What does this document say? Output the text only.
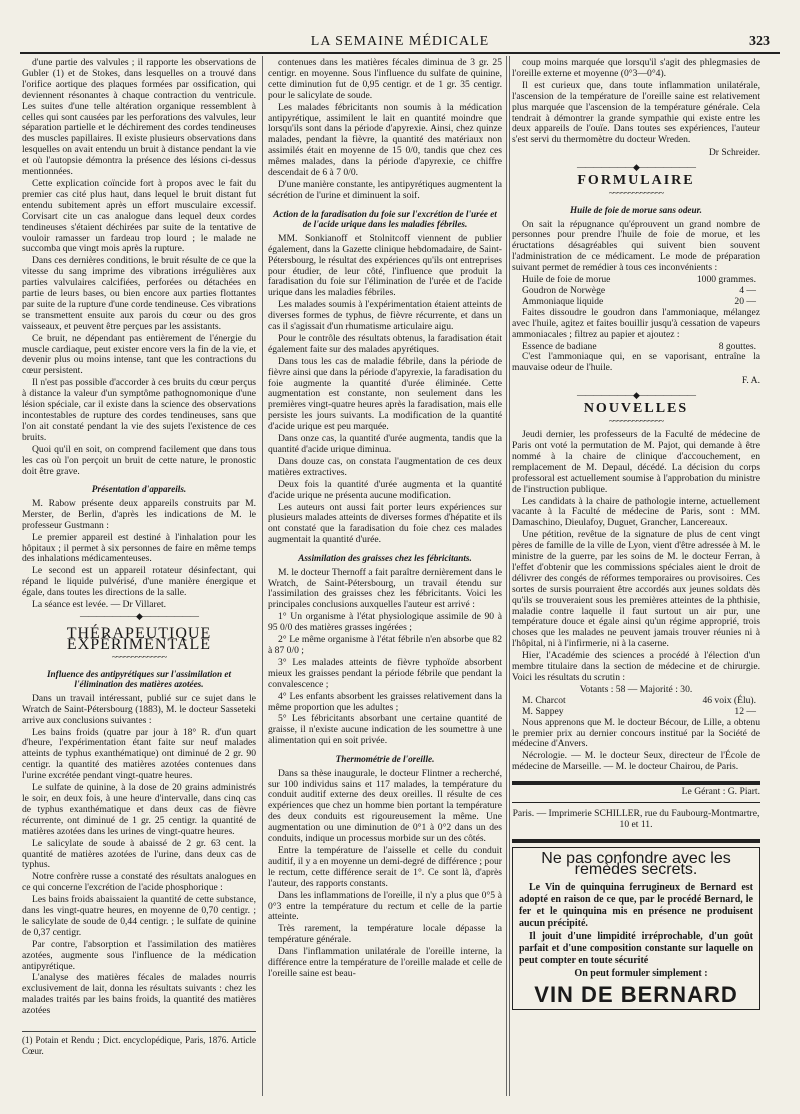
LA SEMAINE MÉDICALE	323

d'une partie des valvules ; il rapporte les observations de Gubler (1) et de Stokes, dans lesquelles on a trouvé dans l'orifice aortique des plaques formées par ossification, qui deviennent résonantes à chaque contraction du ventricule. Les suites d'une telle altération organique ressemblent à celles qui sont causées par les perforations des valvules, leur séparation partielle et le déchirement des cordes tendineuses des muscles papillaires. Il existe plusieurs observations dans lesquelles on avait entendu un bruit à distance pendant la vie et où l'autopsie démontra la présence des lésions ci-dessus mentionnées.

Cette explication coïncide fort à propos avec le fait du premier cas cité plus haut, dans lequel le bruit distant fut entendu subitement après un effort musculaire excessif. Corvisart cite un cas analogue dans lequel deux cordes tendineuses s'étaient déchirées par suite de la tentative de vouloir ramasser un fardeau trop lourd ; le malade ne succomba que vingt mois après la rupture.

Dans ces dernières conditions, le bruit résulte de ce que la vitesse du sang imprime des vibrations irrégulières aux parties valvulaires calcifiées, perforées ou détachées en partie de leurs bases, ou bien encore aux parties flottantes par suite de la rupture d'une corde tendineuse. Ces vibrations se transmettent ensuite aux parois du cœur ou des gros vaisseaux, et peuvent être perçues par les assistants.

Ce bruit, ne dépendant pas entièrement de l'énergie du muscle cardiaque, peut exister encore vers la fin de la vie, et devenir plus ou moins intense, tant que les contractions du cœur persistent.

Il n'est pas possible d'accorder à ces bruits du cœur perçus à distance la valeur d'un symptôme pathognomonique d'une lésion spéciale, car il existe dans la science des observations incontestables de rupture des cordes tendineuses, sans que l'on ait constaté pendant la vie des sujets l'existence de ces bruits.

Quoi qu'il en soit, on comprend facilement que dans tous les cas où l'on perçoit un bruit de cette nature, le pronostic doit être grave.

Présentation d'appareils.

M. Rabow présente deux appareils construits par M. Merster, de Berlin, d'après les indications de M. le professeur Gustmann :

Le premier appareil est destiné à l'inhalation pour les hôpitaux ; il permet à six personnes de faire en même temps des inhalations médicamenteuses.

Le second est un appareil rotateur désinfectant, qui répand le liquide pulvérisé, d'une manière énergique et égale, dans toutes les directions de la salle.

La séance est levée. — Dr Villaret.

———————◆———————
THÉRAPEUTIQUE EXPÉRIMENTALE
~~~~~~~~~~~~~~
Influence des antipyrétiques sur l'assimilation et l'élimination des matières azotées.

Dans un travail intéressant, publié sur ce sujet dans le Wratch de Saint-Pétersbourg (1883), M. le docteur Sasseteki arrive aux conclusions suivantes :

Les bains froids (quatre par jour à 18° R. d'un quart d'heure, l'expérimentation étant faite sur neuf malades atteints de typhus exanthématique) ont diminué de 2 gr. 90 centigr. la quantité des matières azotées contenues dans l'urine excrétée pendant vingt-quatre heures.

Le sulfate de quinine, à la dose de 20 grains administrés le soir, en deux fois, à une heure d'intervalle, dans cinq cas de typhus exanthématique et dans deux cas de fièvre récurrente, ont diminué de 1 gr. 25 centigr. la quantité de matières azotées dans les urines de vingt-quatre heures.

Le salicylate de soude à abaissé de 2 gr. 63 cent. la quantité de matières azotées de l'urine, dans deux cas de typhus.

Notre confrère russe a constaté des résultats analogues en ce qui concerne l'excrétion de l'acide phosphorique :

Les bains froids abaissaient la quantité de cette substance, dans les vingt-quatre heures, en moyenne de 0,70 centigr. ; le salicylate de soude de 0,44 centigr. ; le sulfate de quinine de 0,37 centigr.

Par contre, l'absorption et l'assimilation des matières azotées, augmente sous l'influence de la médication antipyrétique.

L'analyse des matières fécales de malades nourris exclusivement de lait, donna les résultats suivants : chez les malades traités par les bains froids, la quantité des matières azotées

(1) Potain et Rendu ; Dict. encyclopédique, Paris, 1876. Article Cœur.

contenues dans les matières fécales diminua de 3 gr. 25 centigr. en moyenne. Sous l'influence du sulfate de quinine, cette diminution fut de 0,95 centigr. et de 1 gr. 35 centigr. pour le salicylate de soude.

Les malades fébricitants non soumis à la médication antipyrétique, assimilent le lait en quantité moindre que lorsqu'ils sont dans la période d'apyrexie. Ainsi, chez quinze malades, pendant la fièvre, la quantité des matériaux non assimilés était en moyenne de 15 0/0, tandis que chez ces mêmes malades, dans la période d'apyrexie, ce chiffre descendait de 6 à 7 0/0.

D'une manière constante, les antipyrétiques augmentent la sécrétion de l'urine et diminuent la soif.

Action de la faradisation du foie sur l'excrétion de l'urée et de l'acide urique dans les maladies fébriles.

MM. Sonkianoff et Stolnitcoff viennent de publier également, dans la Gazette clinique hebdomadaire, de Saint-Pétersbourg, le résultat des expériences qu'ils ont entreprises pour étudier, de leur côté, l'influence que produit la faradisation du foie sur l'élimination de l'urée et de l'acide urique dans les maladies fébriles.

Les malades soumis à l'expérimentation étaient atteints de diverses formes de typhus, de fièvre récurrente, et dans un cas il s'agissait d'un rhumatisme articulaire aigu.

Pour le contrôle des résultats obtenus, la faradisation était également faite sur des malades apyrétiques.

Dans tous les cas de maladie fébrile, dans la période de fièvre ainsi que dans la période d'apyrexie, la faradisation du foie augmente la quantité d'urée éliminée. Cette augmentation est constante, non seulement dans les premières vingt-quatre heures après la faradisation, mais elle persiste les jours suivants. La modification de la quantité d'acide urique est peu marquée.

Dans onze cas, la quantité d'urée augmenta, tandis que la quantité d'acide urique diminua.

Dans douze cas, on constata l'augmentation de ces deux matières extractives.

Deux fois la quantité d'urée augmenta et la quantité d'acide urique ne présenta aucune modification.

Les auteurs ont aussi fait porter leurs expériences sur plusieurs malades atteints de diverses formes d'hépatite et ils ont constaté que la faradisation du foie chez ces malades augmentait la quantité d'urée.

Assimilation des graisses chez les fébricitants.

M. le docteur Thernoff a fait paraître dernièrement dans le Wratch, de Saint-Pétersbourg, un travail étendu sur l'assimilation des graisses chez les fébricitants. Voici les principales conclusions auxquelles l'auteur est arrivé :

1° Un organisme à l'état physiologique assimile de 90 à 95 0/0 des matières grasses ingérées ;

2° Le même organisme à l'état fébrile n'en absorbe que 82 à 87 0/0 ;

3° Les malades atteints de fièvre typhoïde absorbent mieux les graisses pendant la période fébrile que pendant la convalescence ;

4° Les enfants absorbent les graisses relativement dans la même proportion que les adultes ;

5° Les fébricitants absorbant une certaine quantité de graisse, il n'existe aucune indication de les soumettre à une alimentation qui en soit privée.

Thermométrie de l'oreille.

Dans sa thèse inaugurale, le docteur Flintner a recherché, sur 100 individus sains et 117 malades, la température du conduit auditif externe des deux oreilles. Il résulte de ces expériences que chez un homme bien portant la température des deux conduits est rigoureusement la même. Une augmentation ou une diminution de 0°1 à 0°2 dans un des conduits, indique un processus morbide sur un des côtés.

Entre la température de l'aisselle et celle du conduit auditif, il y a en moyenne un demi-degré de différence ; pour le rectum, cette différence serait de 1°. Ce sont là, d'après l'auteur, des rapports constants.

Dans les inflammations de l'oreille, il n'y a plus que 0°5 à 0°3 entre la température du rectum et celle de la partie atteinte.

Très rarement, la température locale dépasse la température générale.

Dans l'inflammation unilatérale de l'oreille interne, la différence entre la température de l'oreille malade et celle de l'oreille saine est beau-

coup moins marquée que lorsqu'il s'agit des phlegmasies de l'oreille externe et moyenne (0°3—0°4).

Il est curieux que, dans toute inflammation unilatérale, l'ascension de la température de l'oreille saine est relativement plus marquée que l'ascension de la température générale. Cela tendrait à démontrer la grande sympathie qui existe entre les deux appareils de l'ouïe. Dans toutes ses expériences, l'auteur s'est servi du thermomètre du docteur Wreden.

Dr Schreider.
———————◆———————
FORMULAIRE
~~~~~~~~~~~~~~
Huile de foie de morue sans odeur.

On sait la répugnance qu'éprouvent un grand nombre de personnes pour prendre l'huile de foie de morue, et les éructations désagréables qui suivent bien souvent l'administration de ce médicament. Le mode de préparation suivant permet de remédier à tous ces inconvénients :

Huile de foie de morue	1000 grammes.
Goudron de Norwège	4 —
Ammoniaque liquide	20 —

Faites dissoudre le goudron dans l'ammoniaque, mélangez avec l'huile, agitez et faites bouillir jusqu'à cessation de vapeurs ammoniacales ; filtrez au papier et ajoutez :

Essence de badiane	8 gouttes.

C'est l'ammoniaque qui, en se vaporisant, entraîne la mauvaise odeur de l'huile.

F. A.
———————◆———————
NOUVELLES
~~~~~~~~~~~~~~

Jeudi dernier, les professeurs de la Faculté de médecine de Paris ont voté la permutation de M. Pajot, qui demande à être nommé à la chaire de clinique d'accouchement, en remplacement de M. Depaul, décédé. La décision du corps professoral est actuellement soumise à l'approbation du ministre de l'instruction publique.

Les candidats à la chaire de pathologie interne, actuellement vacante à la Faculté de médecine de Paris, sont : MM. Damaschino, Dieulafoy, Duguet, Grancher, Lancereaux.

Une pétition, revêtue de la signature de plus de cent vingt pères de famille de la ville de Lyon, vient d'être adressée à M. le ministre de la guerre, par les soins de M. le docteur Ferran, à l'effet d'obtenir que les commissions spéciales aient le droit de délivrer des congés de réformes temporaires ou provisoires. Ces sortes de sursis pourraient être accordés aux jeunes soldats dès qu'ils se trouveraient sous les premières atteintes de la phthisie, maladie contre laquelle il faut surtout un air pur, une température douce et égale ainsi qu'un régime approprié, trois choses que les malades ne peuvent jamais trouver réunies ni à l'hôpital, ni à l'infirmerie, ni à la caserne.

Hier, l'Académie des sciences a procédé à l'élection d'un membre titulaire dans la section de médecine et de chirurgie. Voici les résultats du scrutin :

Votants : 58 — Majorité : 30.
M. Charcot	46 voix (Élu).
M. Sappey	12 —

Nous apprenons que M. le docteur Bécour, de Lille, a obtenu le premier prix au dernier concours institué par la Société de médecine d'Anvers.

Nécrologie. — M. le docteur Seux, directeur de l'École de médecine de Marseille. — M. le docteur Chairou, de Paris.

Le Gérant : G. Piart.

Paris. — Imprimerie SCHILLER, rue du Faubourg-Montmartre, 10 et 11.

Ne pas confondre avec les remèdes secrets.

Le Vin de quinquina ferrugineux de Bernard est adopté en raison de ce que, par le procédé Bernard, le fer et le quinquina mis en présence ne produisent aucun précipité.

Il jouit d'une limpidité irréprochable, d'un goût parfait et d'une composition constante sur laquelle on peut compter en toute sécurité

On peut formuler simplement :

VIN DE BERNARD
